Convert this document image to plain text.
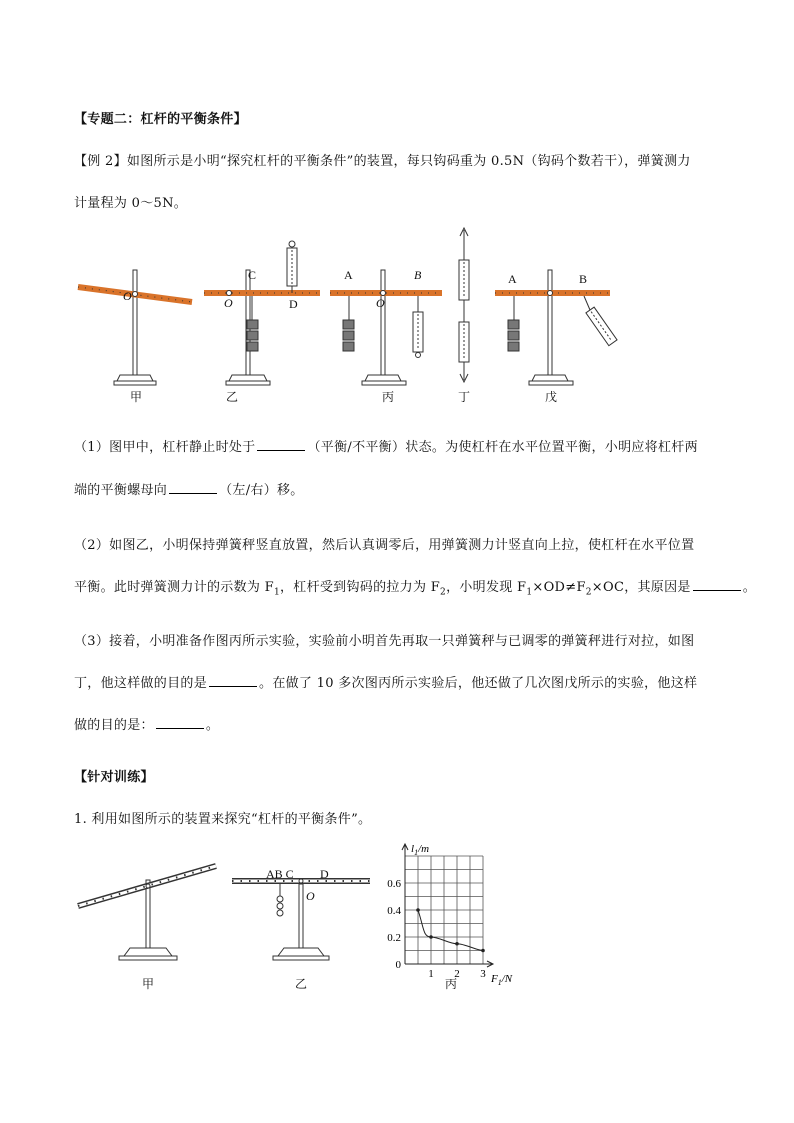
【专题二：杠杆的平衡条件】
【例 2】如图所示是小明“探究杠杆的平衡条件”的装置，每只钩码重为 0.5N（钩码个数若干），弹簧测力
计量程为 0～5N。
O
C
O	D
A	B
O
A	B
甲	乙	丙	丁	戊
（1）图甲中，杠杆静止时处于	（平衡/不平衡）状态。为使杠杆在水平位置平衡，小明应将杠杆两
端的平衡螺母向	（左/右）移。
（2）如图乙，小明保持弹簧秤竖直放置，然后认真调零后，用弹簧测力计竖直向上拉，使杠杆在水平位置
平衡。此时弹簧测力计的示数为 $F_1$，杠杆受到钩码的拉力为 $F_2$，小明发现 $F_1\times OD\ne F_2\times OC$，其原因是	。
（3）接着，小明准备作图丙所示实验，实验前小明首先再取一只弹簧秤与已调零的弹簧秤进行对拉，如图
丁，他这样做的目的是	。在做了 10 多次图丙所示实验后，他还做了几次图戊所示的实验，他这样
做的目的是：	。
【针对训练】
1. 利用如图所示的装置来探究“杠杆的平衡条件”。
0.6
0.4
0.2
0
1 2 3
$l_1/m$
$F_1/N$
AB C D
O
甲	乙	丙
